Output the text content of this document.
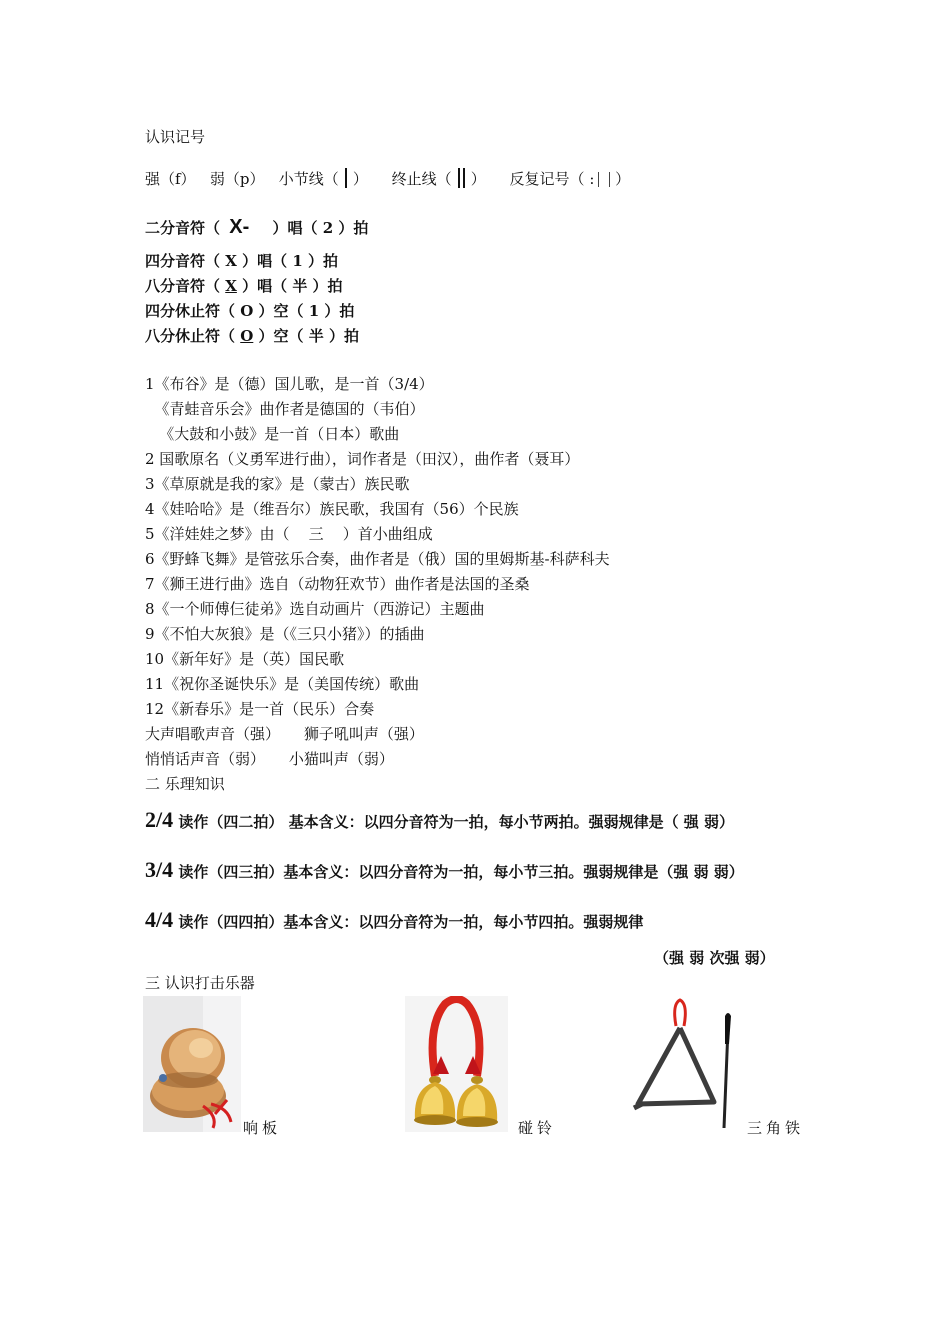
认识记号
强（f） 弱（p） 小节线（ ） 终止线（ ） 反复记号（ : ）
二分音符（ X- ）唱（ 2 ）拍
四分音符（ X ）唱（ 1 ）拍
八分音符（ X ）唱（ 半 ）拍
四分休止符（ O ）空（ 1 ）拍
八分休止符（ O ）空（ 半 ）拍
1《布谷》是（德）国儿歌，是一首（3/4）
《青蛙音乐会》曲作者是德国的（韦伯）
《大鼓和小鼓》是一首（日本）歌曲
2 国歌原名（义勇军进行曲），词作者是（田汉），曲作者（聂耳）
3《草原就是我的家》是（蒙古）族民歌
4《娃哈哈》是（维吾尔）族民歌，我国有（56）个民族
5《洋娃娃之梦》由（    三    ）首小曲组成
6《野蜂飞舞》是管弦乐合奏，曲作者是（俄）国的里姆斯基-科萨科夫
7《狮王进行曲》选自（动物狂欢节）曲作者是法国的圣桑
8《一个师傅仨徒弟》选自动画片（西游记）主题曲
9《不怕大灰狼》是（《三只小猪》）的插曲
10《新年好》是（英）国民歌
11《祝你圣诞快乐》是（美国传统）歌曲
12《新春乐》是一首（民乐）合奏
大声唱歌声音（强）     狮子吼叫声（强）
悄悄话声音（弱）     小猫叫声（弱）
二 乐理知识
2/4 读作（四二拍） 基本含义：以四分音符为一拍，每小节两拍。强弱规律是（ 强 弱）
3/4 读作（四三拍）基本含义：以四分音符为一拍，每小节三拍。强弱规律是（强 弱 弱）
4/4 读作（四四拍）基本含义：以四分音符为一拍，每小节四拍。强弱规律
（强 弱 次强 弱）
三 认识打击乐器
响板	碰铃	三角铁
